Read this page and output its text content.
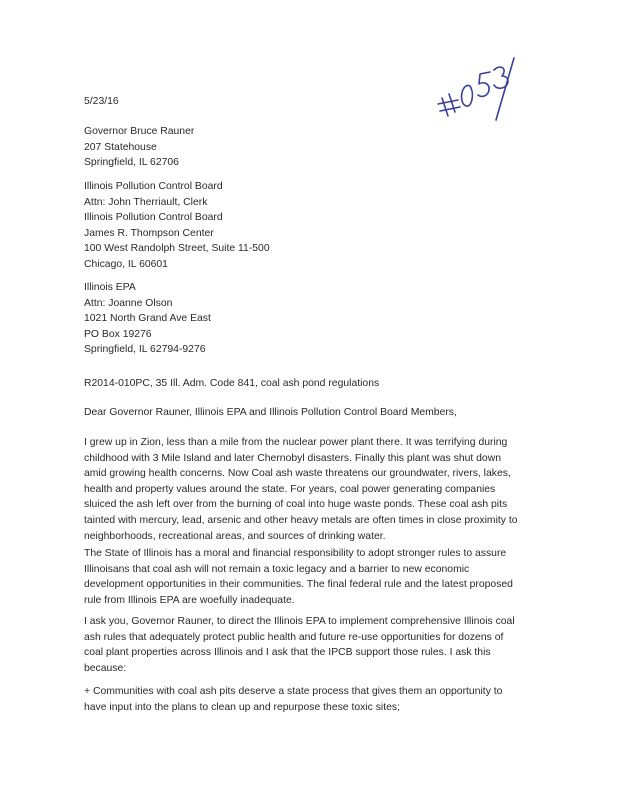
5/23/16
Governor Bruce Rauner
207 Statehouse
Springfield, IL 62706
Illinois Pollution Control Board
Attn: John Therriault, Clerk
Illinois Pollution Control Board
James R. Thompson Center
100 West Randolph Street, Suite 11-500
Chicago, IL 60601
Illinois EPA
Attn: Joanne Olson
1021 North Grand Ave East
PO Box 19276
Springfield, IL 62794-9276
R2014-010PC, 35 Ill. Adm. Code 841, coal ash pond regulations
Dear Governor Rauner, Illinois EPA and Illinois Pollution Control Board Members,
I grew up in Zion, less than a mile from the nuclear power plant there. It was terrifying during
childhood with 3 Mile Island and later Chernobyl disasters. Finally this plant was shut down
amid growing health concerns. Now Coal ash waste threatens our groundwater, rivers, lakes,
health and property values around the state. For years, coal power generating companies
sluiced the ash left over from the burning of coal into huge waste ponds. These coal ash pits
tainted with mercury, lead, arsenic and other heavy metals are often times in close proximity to
neighborhoods, recreational areas, and sources of drinking water.
The State of Illinois has a moral and financial responsibility to adopt stronger rules to assure
Illinoisans that coal ash will not remain a toxic legacy and a barrier to new economic
development opportunities in their communities. The final federal rule and the latest proposed
rule from Illinois EPA are woefully inadequate.
I ask you, Governor Rauner, to direct the Illinois EPA to implement comprehensive Illinois coal
ash rules that adequately protect public health and future re-use opportunities for dozens of
coal plant properties across Illinois and I ask that the IPCB support those rules. I ask this
because:
+ Communities with coal ash pits deserve a state process that gives them an opportunity to
have input into the plans to clean up and repurpose these toxic sites;
